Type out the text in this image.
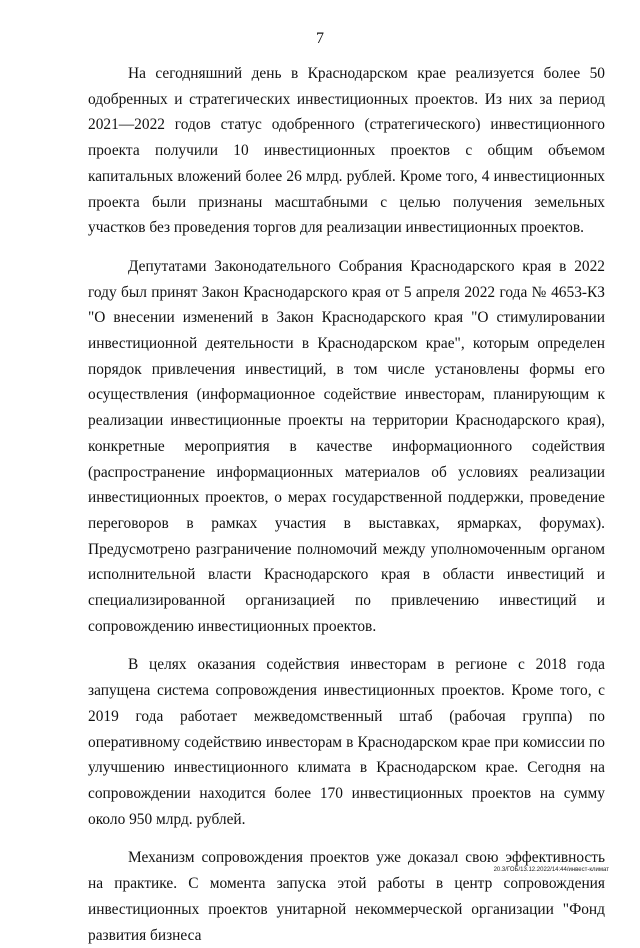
7

На сегодняшний день в Краснодарском крае реализуется более 50 одобренных и стратегических инвестиционных проектов. Из них за период 2021—2022 годов статус одобренного (стратегического) инвестиционного проекта получили 10 инвестиционных проектов с общим объемом капитальных вложений более 26 млрд. рублей. Кроме того, 4 инвестиционных проекта были признаны масштабными с целью получения земельных участков без проведения торгов для реализации инвестиционных проектов.

Депутатами Законодательного Собрания Краснодарского края в 2022 году был принят Закон Краснодарского края от 5 апреля 2022 года № 4653-КЗ "О внесении изменений в Закон Краснодарского края "О стимулировании инвестиционной деятельности в Краснодарском крае", которым определен порядок привлечения инвестиций, в том числе установлены формы его осуществления (информационное содействие инвесторам, планирующим к реализации инвестиционные проекты на территории Краснодарского края), конкретные мероприятия в качестве информационного содействия (распространение информационных материалов об условиях реализации инвестиционных проектов, о мерах государственной поддержки, проведение переговоров в рамках участия в выставках, ярмарках, форумах). Предусмотрено разграничение полномочий между уполномоченным органом исполнительной власти Краснодарского края в области инвестиций и специализированной организацией по привлечению инвестиций и сопровождению инвестиционных проектов.

В целях оказания содействия инвесторам в регионе с 2018 года запущена система сопровождения инвестиционных проектов. Кроме того, с 2019 года работает межведомственный штаб (рабочая группа) по оперативному содействию инвесторам в Краснодарском крае при комиссии по улучшению инвестиционного климата в Краснодарском крае. Сегодня на сопровождении находится более 170 инвестиционных проектов на сумму около 950 млрд. рублей.

Механизм сопровождения проектов уже доказал свою эффективность на практике. С момента запуска этой работы в центр сопровождения инвестиционных проектов унитарной некоммерческой организации "Фонд развития бизнеса

20.3/ГОБ/13.12.2022/14:44/инвест-климат
